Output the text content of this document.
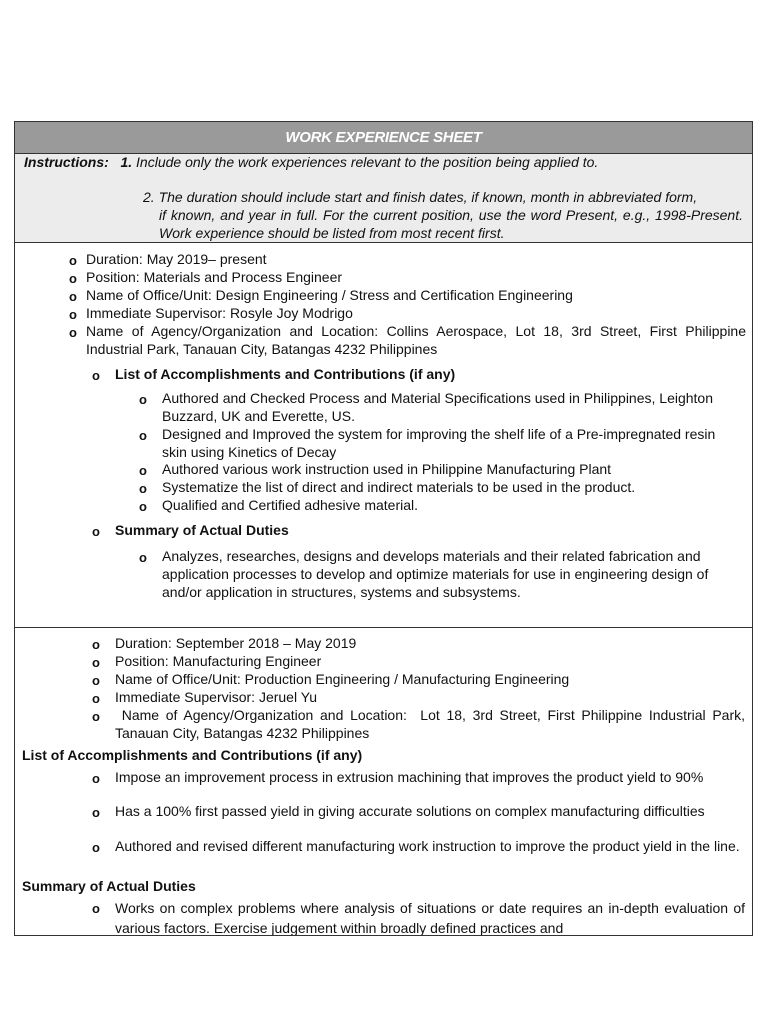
WORK EXPERIENCE SHEET
Instructions: 1. Include only the work experiences relevant to the position being applied to.
2. The duration should include start and finish dates, if known, month in abbreviated form,
if known, and year in full. For the current position, use the word Present, e.g., 1998-Present. Work experience should be listed from most recent first.
o Duration: May 2019– present
o Position: Materials and Process Engineer
o Name of Office/Unit: Design Engineering / Stress and Certification Engineering
o Immediate Supervisor: Rosyle Joy Modrigo
o Name of Agency/Organization and Location: Collins Aerospace, Lot 18, 3rd Street, First Philippine Industrial Park, Tanauan City, Batangas 4232 Philippines
o List of Accomplishments and Contributions (if any)
o Authored and Checked Process and Material Specifications used in Philippines, Leighton Buzzard, UK and Everette, US.
o Designed and Improved the system for improving the shelf life of a Pre-impregnated resin skin using Kinetics of Decay
o Authored various work instruction used in Philippine Manufacturing Plant
o Systematize the list of direct and indirect materials to be used in the product.
o Qualified and Certified adhesive material.
o Summary of Actual Duties
o Analyzes, researches, designs and develops materials and their related fabrication and application processes to develop and optimize materials for use in engineering design of and/or application in structures, systems and subsystems.
o Duration: September 2018 – May 2019
o Position: Manufacturing Engineer
o Name of Office/Unit: Production Engineering / Manufacturing Engineering
o Immediate Supervisor: Jeruel Yu
o Name of Agency/Organization and Location:  Lot 18, 3rd Street, First Philippine Industrial Park, Tanauan City, Batangas 4232 Philippines
List of Accomplishments and Contributions (if any)
o Impose an improvement process in extrusion machining that improves the product yield to 90%
o Has a 100% first passed yield in giving accurate solutions on complex manufacturing difficulties
o Authored and revised different manufacturing work instruction to improve the product yield in the line.
Summary of Actual Duties
o Works on complex problems where analysis of situations or date requires an in-depth evaluation of various factors. Exercise judgement within broadly defined practices and
